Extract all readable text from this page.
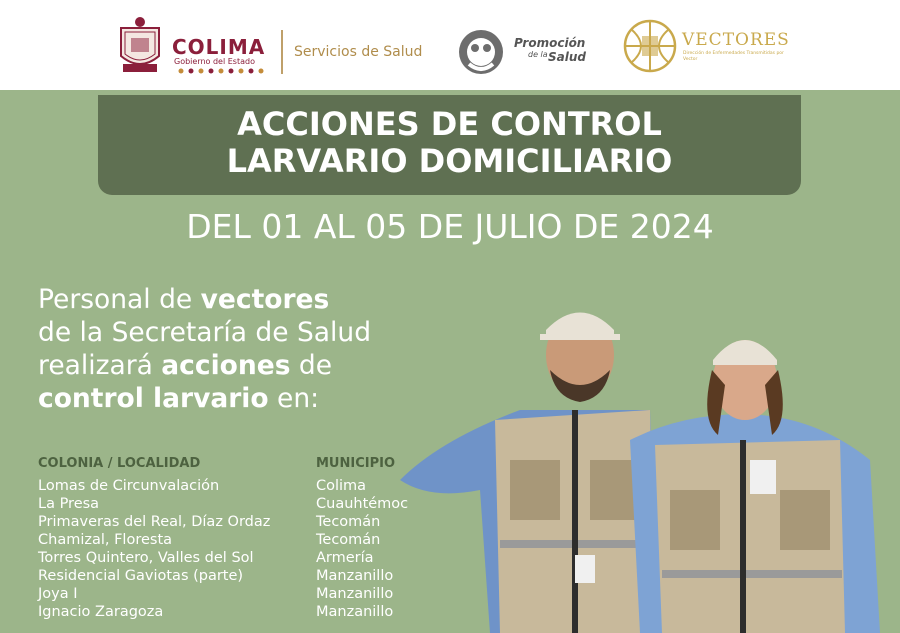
COLIMA
Gobierno del Estado
Servicios de Salud
Promoción
de la Salud
VECTORES
Dirección de Enfermedades Transmitidas por Vector
ACCIONES DE CONTROL
LARVARIO DOMICILIARIO
DEL 01 AL 05 DE JULIO DE 2024
Personal de vectores
de la Secretaría de Salud
realizará acciones de
control larvario en:
COLONIA / LOCALIDAD	MUNICIPIO
Lomas de Circunvalación
La Presa
Primaveras del Real, Díaz Ordaz
Chamizal, Floresta
Torres Quintero, Valles del Sol
Residencial Gaviotas (parte)
Joya I
Ignacio Zaragoza
Colima
Cuauhtémoc
Tecomán
Tecomán
Armería
Manzanillo
Manzanillo
Manzanillo
